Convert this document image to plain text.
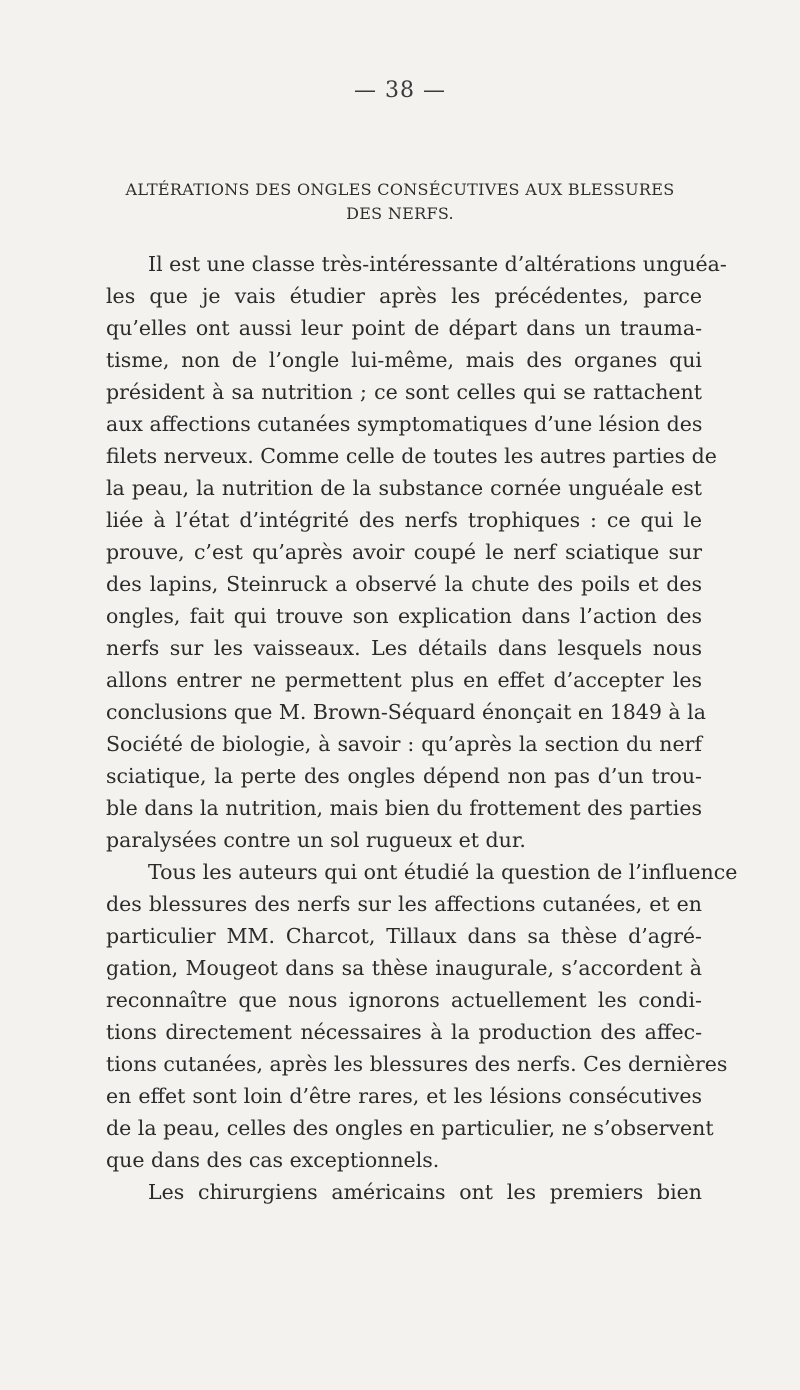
— 38 —
ALTÉRATIONS DES ONGLES CONSÉCUTIVES AUX BLESSURES
DES NERFS.
Il est une classe très-intéressante d’altérations unguéa-
les que je vais étudier après les précédentes, parce
qu’elles ont aussi leur point de départ dans un trauma-
tisme, non de l’ongle lui-même, mais des organes qui
président à sa nutrition ; ce sont celles qui se rattachent
aux affections cutanées symptomatiques d’une lésion des
filets nerveux. Comme celle de toutes les autres parties de
la peau, la nutrition de la substance cornée unguéale est
liée à l’état d’intégrité des nerfs trophiques : ce qui le
prouve, c’est qu’après avoir coupé le nerf sciatique sur
des lapins, Steinruck a observé la chute des poils et des
ongles, fait qui trouve son explication dans l’action des
nerfs sur les vaisseaux. Les détails dans lesquels nous
allons entrer ne permettent plus en effet d’accepter les
conclusions que M. Brown-Séquard énonçait en 1849 à la
Société de biologie, à savoir : qu’après la section du nerf
sciatique, la perte des ongles dépend non pas d’un trou-
ble dans la nutrition, mais bien du frottement des parties
paralysées contre un sol rugueux et dur.
Tous les auteurs qui ont étudié la question de l’influence
des blessures des nerfs sur les affections cutanées, et en
particulier MM. Charcot, Tillaux dans sa thèse d’agré-
gation, Mougeot dans sa thèse inaugurale, s’accordent à
reconnaître que nous ignorons actuellement les condi-
tions directement nécessaires à la production des affec-
tions cutanées, après les blessures des nerfs. Ces dernières
en effet sont loin d’être rares, et les lésions consécutives
de la peau, celles des ongles en particulier, ne s’observent
que dans des cas exceptionnels.
Les chirurgiens américains ont les premiers bien
